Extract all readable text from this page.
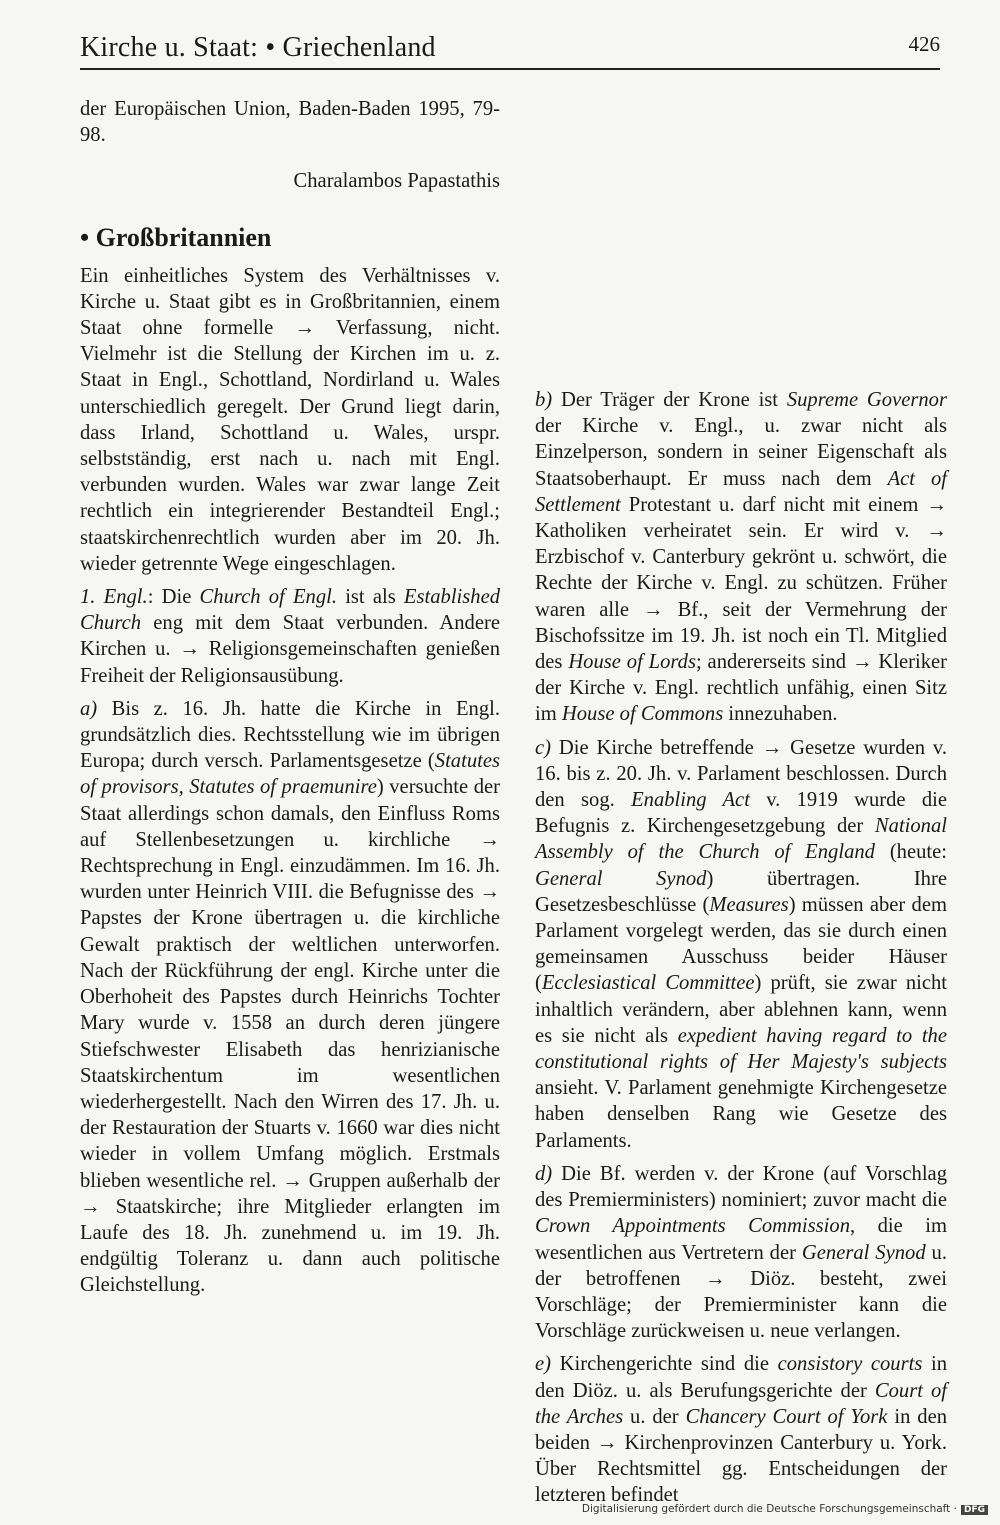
Kirche u. Staat: • Griechenland	426

der Europäischen Union, Baden-Baden 1995, 79-98.

Charalambos Papastathis

• Großbritannien

Ein einheitliches System des Verhältnisses v. Kirche u. Staat gibt es in Großbritannien, einem Staat ohne formelle → Verfassung, nicht. Vielmehr ist die Stellung der Kirchen im u. z. Staat in Engl., Schottland, Nordirland u. Wales unterschiedlich geregelt. Der Grund liegt darin, dass Irland, Schottland u. Wales, urspr. selbstständig, erst nach u. nach mit Engl. verbunden wurden. Wales war zwar lange Zeit rechtlich ein integrierender Bestandteil Engl.; staatskirchenrechtlich wurden aber im 20. Jh. wieder getrennte Wege eingeschlagen.

1. Engl.: Die Church of Engl. ist als Established Church eng mit dem Staat verbunden. Andere Kirchen u. → Religionsgemeinschaften genießen Freiheit der Religionsausübung.

a) Bis z. 16. Jh. hatte die Kirche in Engl. grundsätzlich dies. Rechtsstellung wie im übrigen Europa; durch versch. Parlamentsgesetze (Statutes of provisors, Statutes of praemunire) versuchte der Staat allerdings schon damals, den Einfluss Roms auf Stellenbesetzungen u. kirchliche → Rechtsprechung in Engl. einzudämmen. Im 16. Jh. wurden unter Heinrich VIII. die Befugnisse des → Papstes der Krone übertragen u. die kirchliche Gewalt praktisch der weltlichen unterworfen. Nach der Rückführung der engl. Kirche unter die Oberhoheit des Papstes durch Heinrichs Tochter Mary wurde v. 1558 an durch deren jüngere Stiefschwester Elisabeth das henrizianische Staatskirchentum im wesentlichen wiederhergestellt. Nach den Wirren des 17. Jh. u. der Restauration der Stuarts v. 1660 war dies nicht wieder in vollem Umfang möglich. Erstmals blieben wesentliche rel. → Gruppen außerhalb der → Staatskirche; ihre Mitglieder erlangten im Laufe des 18. Jh. zunehmend u. im 19. Jh. endgültig Toleranz u. dann auch politische Gleichstellung.

b) Der Träger der Krone ist Supreme Governor der Kirche v. Engl., u. zwar nicht als Einzelperson, sondern in seiner Eigenschaft als Staatsoberhaupt. Er muss nach dem Act of Settlement Protestant u. darf nicht mit einem → Katholiken verheiratet sein. Er wird v. → Erzbischof v. Canterbury gekrönt u. schwört, die Rechte der Kirche v. Engl. zu schützen. Früher waren alle → Bf., seit der Vermehrung der Bischofssitze im 19. Jh. ist noch ein Tl. Mitglied des House of Lords; andererseits sind → Kleriker der Kirche v. Engl. rechtlich unfähig, einen Sitz im House of Commons innezuhaben.

c) Die Kirche betreffende → Gesetze wurden v. 16. bis z. 20. Jh. v. Parlament beschlossen. Durch den sog. Enabling Act v. 1919 wurde die Befugnis z. Kirchengesetzgebung der National Assembly of the Church of England (heute: General Synod) übertragen. Ihre Gesetzesbeschlüsse (Measures) müssen aber dem Parlament vorgelegt werden, das sie durch einen gemeinsamen Ausschuss beider Häuser (Ecclesiastical Committee) prüft, sie zwar nicht inhaltlich verändern, aber ablehnen kann, wenn es sie nicht als expedient having regard to the constitutional rights of Her Majesty's subjects ansieht. V. Parlament genehmigte Kirchengesetze haben denselben Rang wie Gesetze des Parlaments.

d) Die Bf. werden v. der Krone (auf Vorschlag des Premierministers) nominiert; zuvor macht die Crown Appointments Commission, die im wesentlichen aus Vertretern der General Synod u. der betroffenen → Diöz. besteht, zwei Vorschläge; der Premierminister kann die Vorschläge zurückweisen u. neue verlangen.

e) Kirchengerichte sind die consistory courts in den Diöz. u. als Berufungsgerichte der Court of the Arches u. der Chancery Court of York in den beiden → Kirchenprovinzen Canterbury u. York. Über Rechtsmittel gg. Entscheidungen der letzteren befindet

Digitalisierung gefördert durch die Deutsche Forschungsgemeinschaft · DFG
